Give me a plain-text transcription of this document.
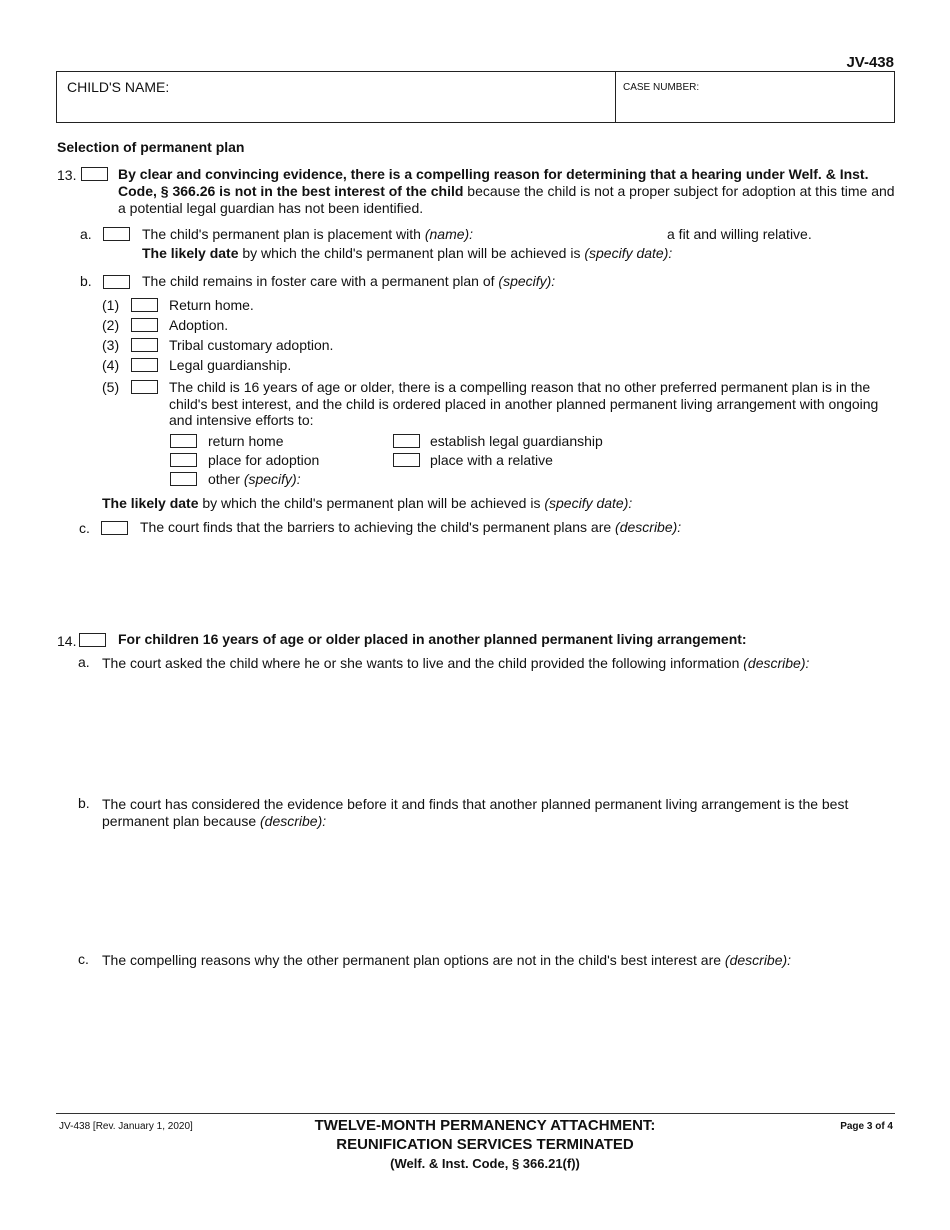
JV-438
CHILD'S NAME:	CASE NUMBER:
Selection of permanent plan
13.	By clear and convincing evidence, there is a compelling reason for determining that a hearing under Welf. & Inst.
Code, § 366.26 is not in the best interest of the child because the child is not a proper subject for adoption at this time and
a potential legal guardian has not been identified.
a.	The child's permanent plan is placement with (name):	a fit and willing relative.
The likely date by which the child's permanent plan will be achieved is (specify date):
b.	The child remains in foster care with a permanent plan of (specify):
(1)	Return home.
(2)	Adoption.
(3)	Tribal customary adoption.
(4)	Legal guardianship.
(5)	The child is 16 years of age or older, there is a compelling reason that no other preferred permanent plan is in the
child's best interest, and the child is ordered placed in another planned permanent living arrangement with ongoing
and intensive efforts to:
return home	establish legal guardianship
place for adoption	place with a relative
other (specify):
The likely date by which the child's permanent plan will be achieved is (specify date):
c.	The court finds that the barriers to achieving the child's permanent plans are (describe):
14.	For children 16 years of age or older placed in another planned permanent living arrangement:
a. The court asked the child where he or she wants to live and the child provided the following information (describe):
b. The court has considered the evidence before it and finds that another planned permanent living arrangement is the best
permanent plan because (describe):
c. The compelling reasons why the other permanent plan options are not in the child's best interest are (describe):
JV-438 [Rev. January 1, 2020]	TWELVE-MONTH PERMANENCY ATTACHMENT:
REUNIFICATION SERVICES TERMINATED
(Welf. & Inst. Code, § 366.21(f))
Page 3 of 4
